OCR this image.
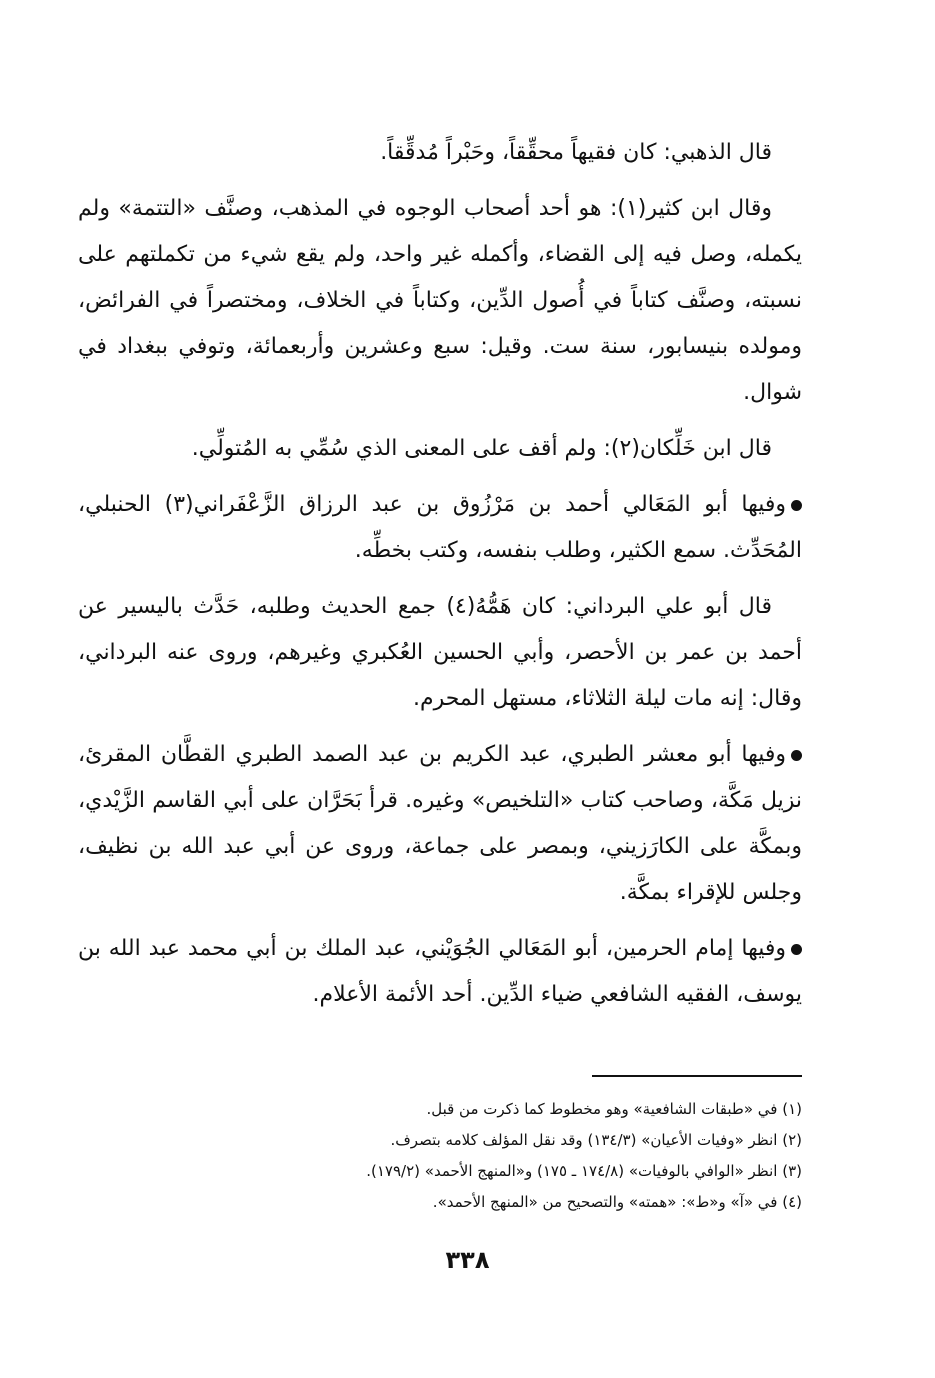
قال الذهبي: كان فقيهاً محقِّقاً، وحَبْراً مُدقِّقاً.

وقال ابن كثير(١): هو أحد أصحاب الوجوه في المذهب، وصنَّف «التتمة» ولم يكمله، وصل فيه إلى القضاء، وأكمله غير واحد، ولم يقع شيء من تكملتهم على نسبته، وصنَّف كتاباً في أُصول الدِّين، وكتاباً في الخلاف، ومختصراً في الفرائض، ومولده بنيسابور، سنة ست. وقيل: سبع وعشرين وأربعمائة، وتوفي ببغداد في شوال.

قال ابن خَلِّكان(٢): ولم أقف على المعنى الذي سُمِّي به المُتولِّي.

وفيها أبو المَعَالي أحمد بن مَرْزُوق بن عبد الرزاق الزَّعْفَراني(٣) الحنبلي، المُحَدِّث. سمع الكثير، وطلب بنفسه، وكتب بخطِّه.

قال أبو علي البرداني: كان هَمُّهُ(٤) جمع الحديث وطلبه، حَدَّث باليسير عن أحمد بن عمر بن الأحصر، وأبي الحسين العُكبري وغيرهم، وروى عنه البرداني، وقال: إنه مات ليلة الثلاثاء، مستهل المحرم.

وفيها أبو معشر الطبري، عبد الكريم بن عبد الصمد الطبري القطَّان المقرئ، نزيل مَكَّة، وصاحب كتاب «التلخيص» وغيره. قرأ بَحَرَّان على أبي القاسم الزَّيْدي، وبمكَّة على الكارَزيني، وبمصر على جماعة، وروى عن أبي عبد الله بن نظيف، وجلس للإقراء بمكَّة.

وفيها إمام الحرمين، أبو المَعَالي الجُوَيْني، عبد الملك بن أبي محمد عبد الله بن يوسف، الفقيه الشافعي ضياء الدِّين. أحد الأئمة الأعلام.

(١) في «طبقات الشافعية» وهو مخطوط كما ذكرت من قبل.

(٢) انظر «وفيات الأعيان» (١٣٤/٣) وقد نقل المؤلف كلامه بتصرف.

(٣) انظر «الوافي بالوفيات» (١٧٤/٨ ـ ١٧٥) و«المنهج الأحمد» (١٧٩/٢).

(٤) في «آ» و«ط»: «همته» والتصحيح من «المنهج الأحمد».

٣٣٨
